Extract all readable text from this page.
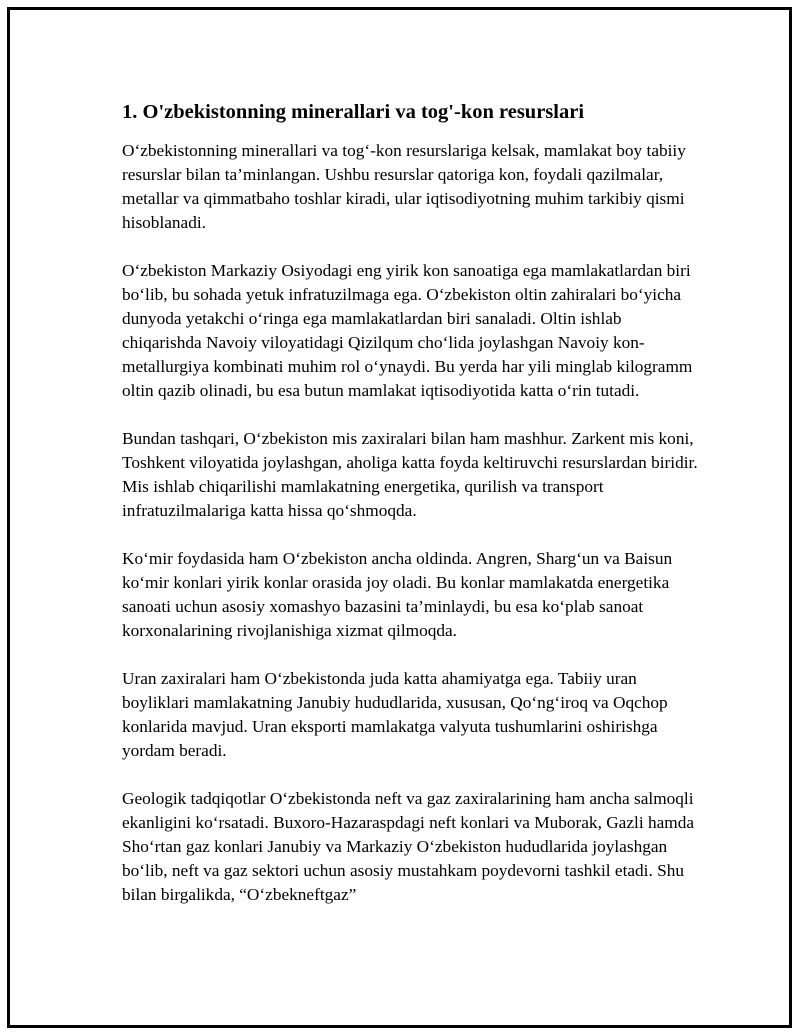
1. O'zbekistonning minerallari va tog'-kon resurslari

O‘zbekistonning minerallari va tog‘-kon resurslariga kelsak, mamlakat boy tabiiy resurslar bilan ta’minlangan. Ushbu resurslar qatoriga kon, foydali qazilmalar, metallar va qimmatbaho toshlar kiradi, ular iqtisodiyotning muhim tarkibiy qismi hisoblanadi.

O‘zbekiston Markaziy Osiyodagi eng yirik kon sanoatiga ega mamlakatlardan biri bo‘lib, bu sohada yetuk infratuzilmaga ega. O‘zbekiston oltin zahiralari bo‘yicha dunyoda yetakchi o‘ringa ega mamlakatlardan biri sanaladi. Oltin ishlab chiqarishda Navoiy viloyatidagi Qizilqum cho‘lida joylashgan Navoiy kon-metallurgiya kombinati muhim rol o‘ynaydi. Bu yerda har yili minglab kilogramm oltin qazib olinadi, bu esa butun mamlakat iqtisodiyotida katta o‘rin tutadi.

Bundan tashqari, O‘zbekiston mis zaxiralari bilan ham mashhur. Zarkent mis koni, Toshkent viloyatida joylashgan, aholiga katta foyda keltiruvchi resurslardan biridir. Mis ishlab chiqarilishi mamlakatning energetika, qurilish va transport infratuzilmalariga katta hissa qo‘shmoqda.

Ko‘mir foydasida ham O‘zbekiston ancha oldinda. Angren, Sharg‘un va Baisun ko‘mir konlari yirik konlar orasida joy oladi. Bu konlar mamlakatda energetika sanoati uchun asosiy xomashyo bazasini ta’minlaydi, bu esa ko‘plab sanoat korxonalarining rivojlanishiga xizmat qilmoqda.

Uran zaxiralari ham O‘zbekistonda juda katta ahamiyatga ega. Tabiiy uran boyliklari mamlakatning Janubiy hududlarida, xususan, Qo‘ng‘iroq va Oqchop konlarida mavjud. Uran eksporti mamlakatga valyuta tushumlarini oshirishga yordam beradi.

Geologik tadqiqotlar O‘zbekistonda neft va gaz zaxiralarining ham ancha salmoqli ekanligini ko‘rsatadi. Buxoro-Hazaraspdagi neft konlari va Muborak, Gazli hamda Sho‘rtan gaz konlari Janubiy va Markaziy O‘zbekiston hududlarida joylashgan bo‘lib, neft va gaz sektori uchun asosiy mustahkam poydevorni tashkil etadi. Shu bilan birgalikda, “O‘zbekneftgaz”
